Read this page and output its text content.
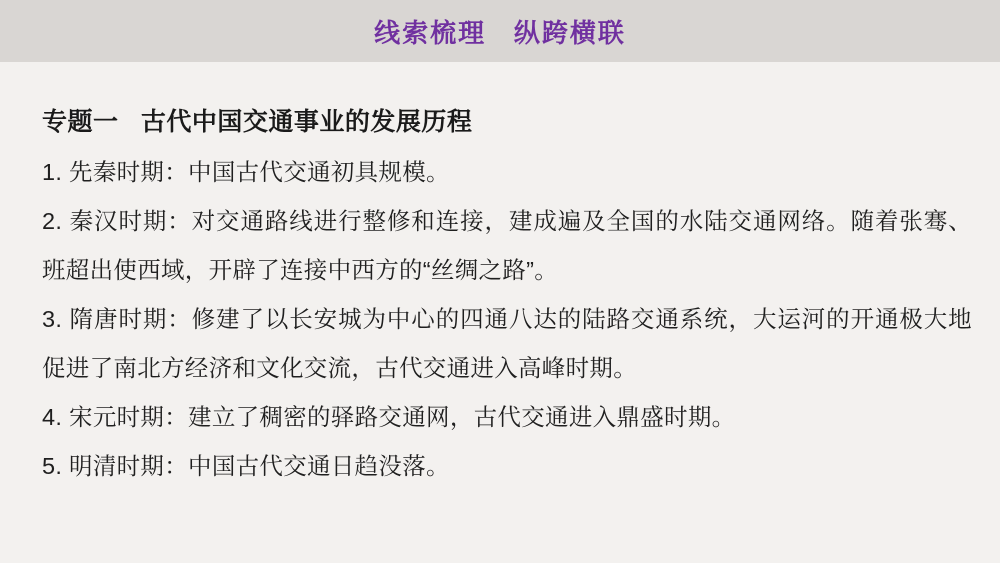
线索梳理   纵跨横联
专题一   古代中国交通事业的发展历程

1. 先秦时期：中国古代交通初具规模。

2. 秦汉时期：对交通路线进行整修和连接，建成遍及全国的水陆交通网络。随着张骞、班超出使西域，开辟了连接中西方的“丝绸之路”。

3. 隋唐时期：修建了以长安城为中心的四通八达的陆路交通系统，大运河的开通极大地促进了南北方经济和文化交流，古代交通进入高峰时期。

4. 宋元时期：建立了稠密的驿路交通网，古代交通进入鼎盛时期。

5. 明清时期：中国古代交通日趋没落。
